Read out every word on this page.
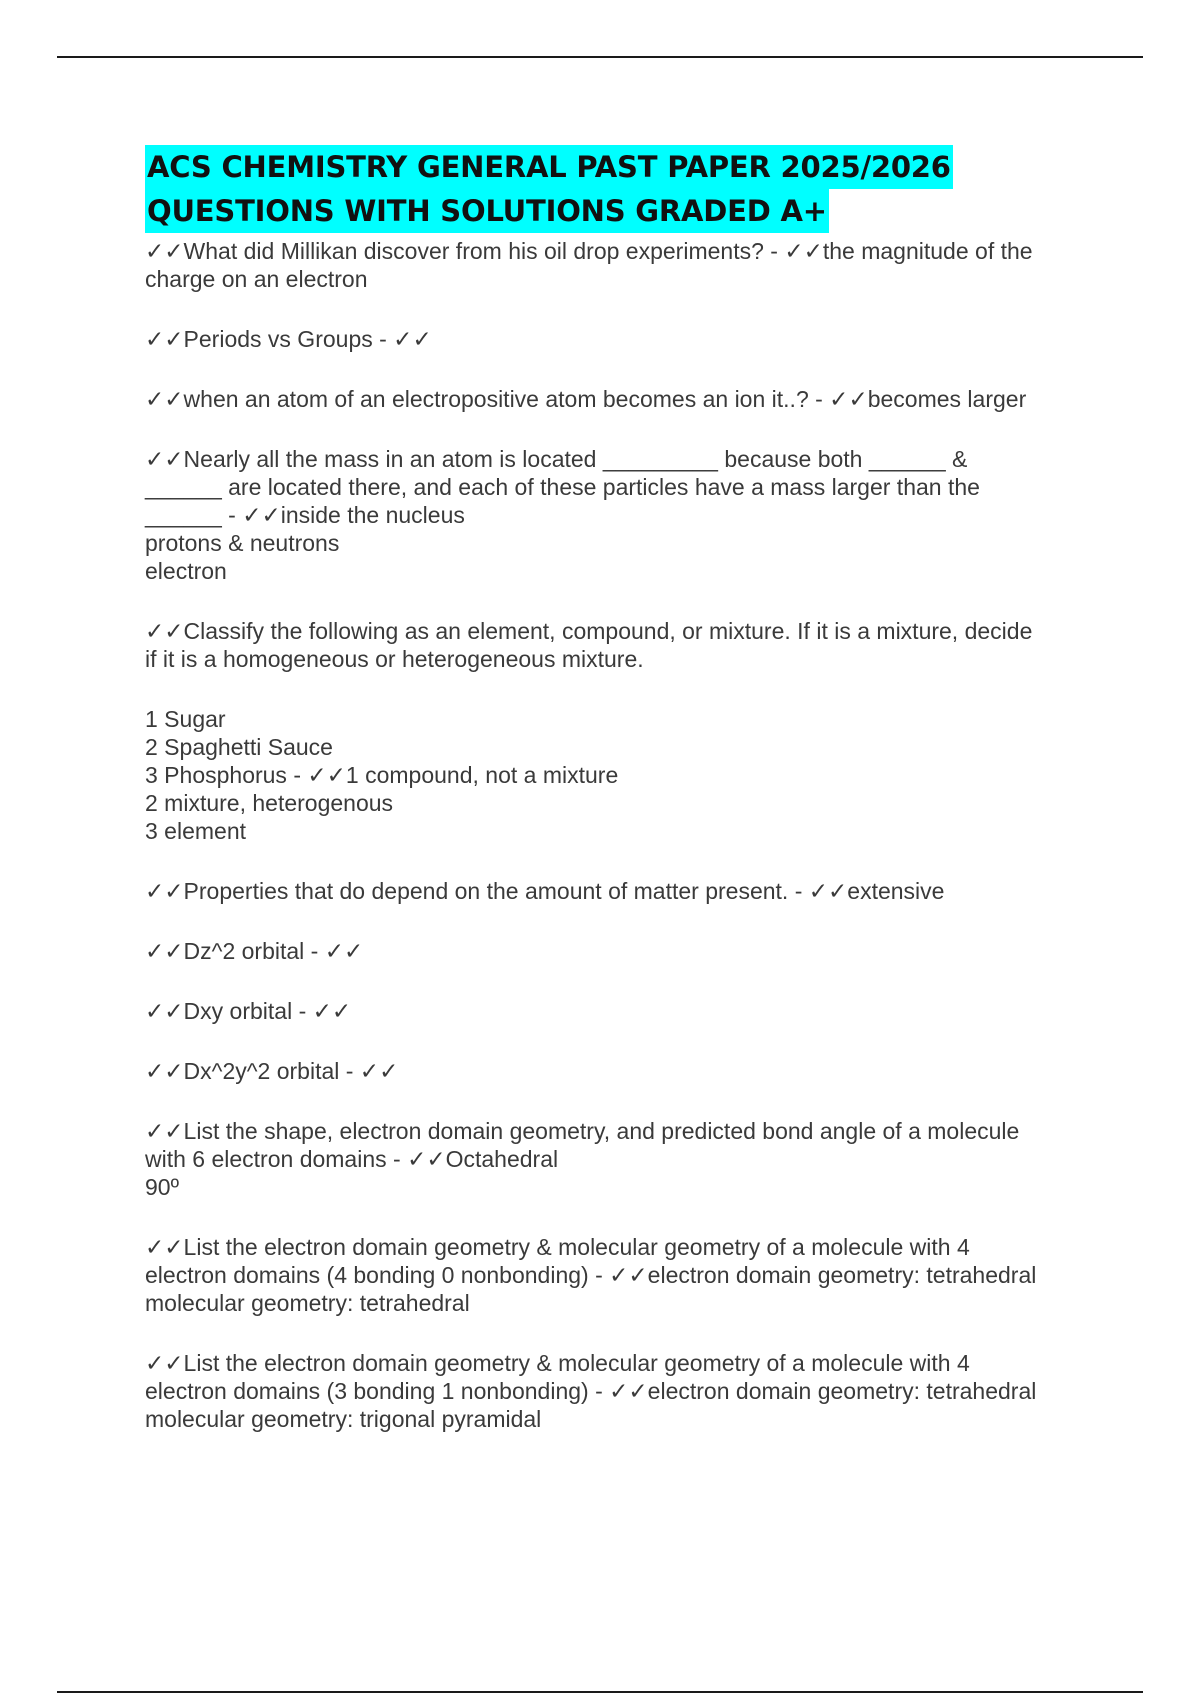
ACS CHEMISTRY GENERAL PAST PAPER 2025/2026
QUESTIONS WITH SOLUTIONS GRADED A+

✓✓What did Millikan discover from his oil drop experiments? - ✓✓the magnitude of the

charge on an electron

✓✓Periods vs Groups - ✓✓

✓✓when an atom of an electropositive atom becomes an ion it..? - ✓✓becomes larger

✓✓Nearly all the mass in an atom is located _________ because both ______ &

______ are located there, and each of these particles have a mass larger than the

______ - ✓✓inside the nucleus

protons & neutrons

electron

✓✓Classify the following as an element, compound, or mixture. If it is a mixture, decide

if it is a homogeneous or heterogeneous mixture.

1 Sugar

2 Spaghetti Sauce

3 Phosphorus - ✓✓1 compound, not a mixture

2 mixture, heterogenous

3 element

✓✓Properties that do depend on the amount of matter present. - ✓✓extensive

✓✓Dz^2 orbital - ✓✓

✓✓Dxy orbital - ✓✓

✓✓Dx^2y^2 orbital - ✓✓

✓✓List the shape, electron domain geometry, and predicted bond angle of a molecule

with 6 electron domains - ✓✓Octahedral

90º

✓✓List the electron domain geometry & molecular geometry of a molecule with 4

electron domains (4 bonding 0 nonbonding) - ✓✓electron domain geometry: tetrahedral

molecular geometry: tetrahedral

✓✓List the electron domain geometry & molecular geometry of a molecule with 4

electron domains (3 bonding 1 nonbonding) - ✓✓electron domain geometry: tetrahedral

molecular geometry: trigonal pyramidal
